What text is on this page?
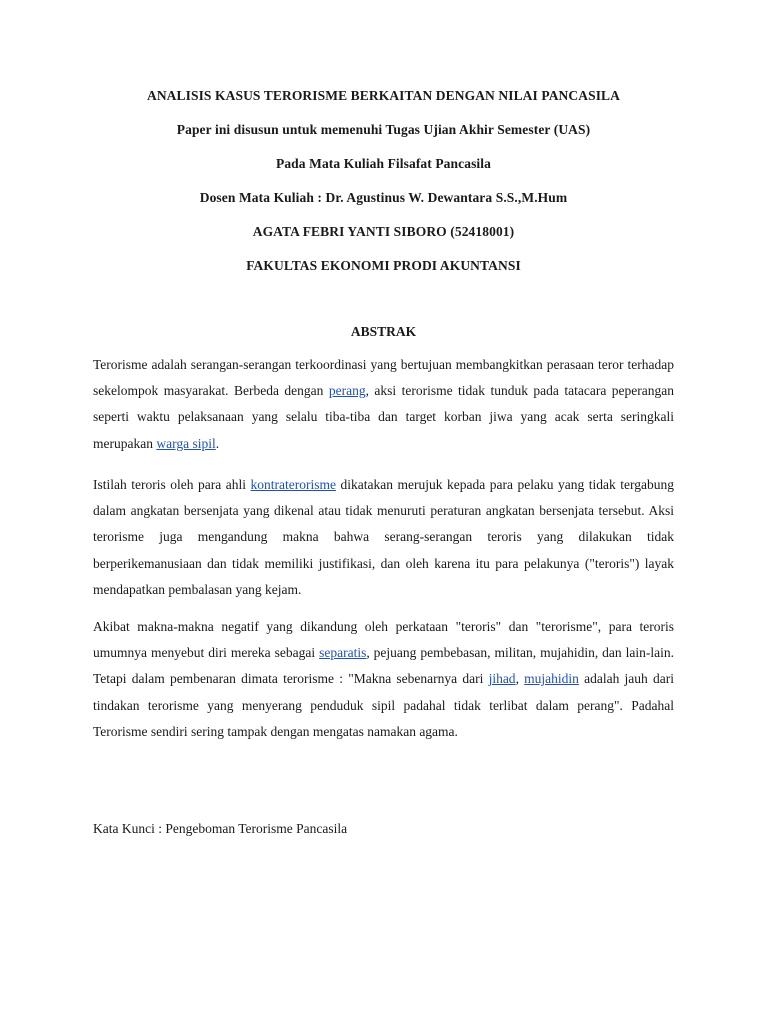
ANALISIS KASUS TERORISME BERKAITAN DENGAN NILAI PANCASILA
Paper ini disusun untuk memenuhi Tugas Ujian Akhir Semester (UAS)
Pada Mata Kuliah Filsafat Pancasila
Dosen Mata Kuliah : Dr. Agustinus W. Dewantara S.S.,M.Hum
AGATA FEBRI YANTI SIBORO (52418001)
FAKULTAS EKONOMI PRODI AKUNTANSI
ABSTRAK

Terorisme adalah serangan-serangan terkoordinasi yang bertujuan membangkitkan perasaan teror terhadap sekelompok masyarakat. Berbeda dengan perang, aksi terorisme tidak tunduk pada tatacara peperangan seperti waktu pelaksanaan yang selalu tiba-tiba dan target korban jiwa yang acak serta seringkali merupakan warga sipil.

Istilah teroris oleh para ahli kontraterorisme dikatakan merujuk kepada para pelaku yang tidak tergabung dalam angkatan bersenjata yang dikenal atau tidak menuruti peraturan angkatan bersenjata tersebut. Aksi terorisme juga mengandung makna bahwa serang-serangan teroris yang dilakukan tidak berperikemanusiaan dan tidak memiliki justifikasi, dan oleh karena itu para pelakunya ("teroris") layak mendapatkan pembalasan yang kejam.

Akibat makna-makna negatif yang dikandung oleh perkataan "teroris" dan "terorisme", para teroris umumnya menyebut diri mereka sebagai separatis, pejuang pembebasan, militan, mujahidin, dan lain-lain. Tetapi dalam pembenaran dimata terorisme : "Makna sebenarnya dari jihad, mujahidin adalah jauh dari tindakan terorisme yang menyerang penduduk sipil padahal tidak terlibat dalam perang". Padahal Terorisme sendiri sering tampak dengan mengatas namakan agama.

Kata Kunci : Pengeboman Terorisme Pancasila
